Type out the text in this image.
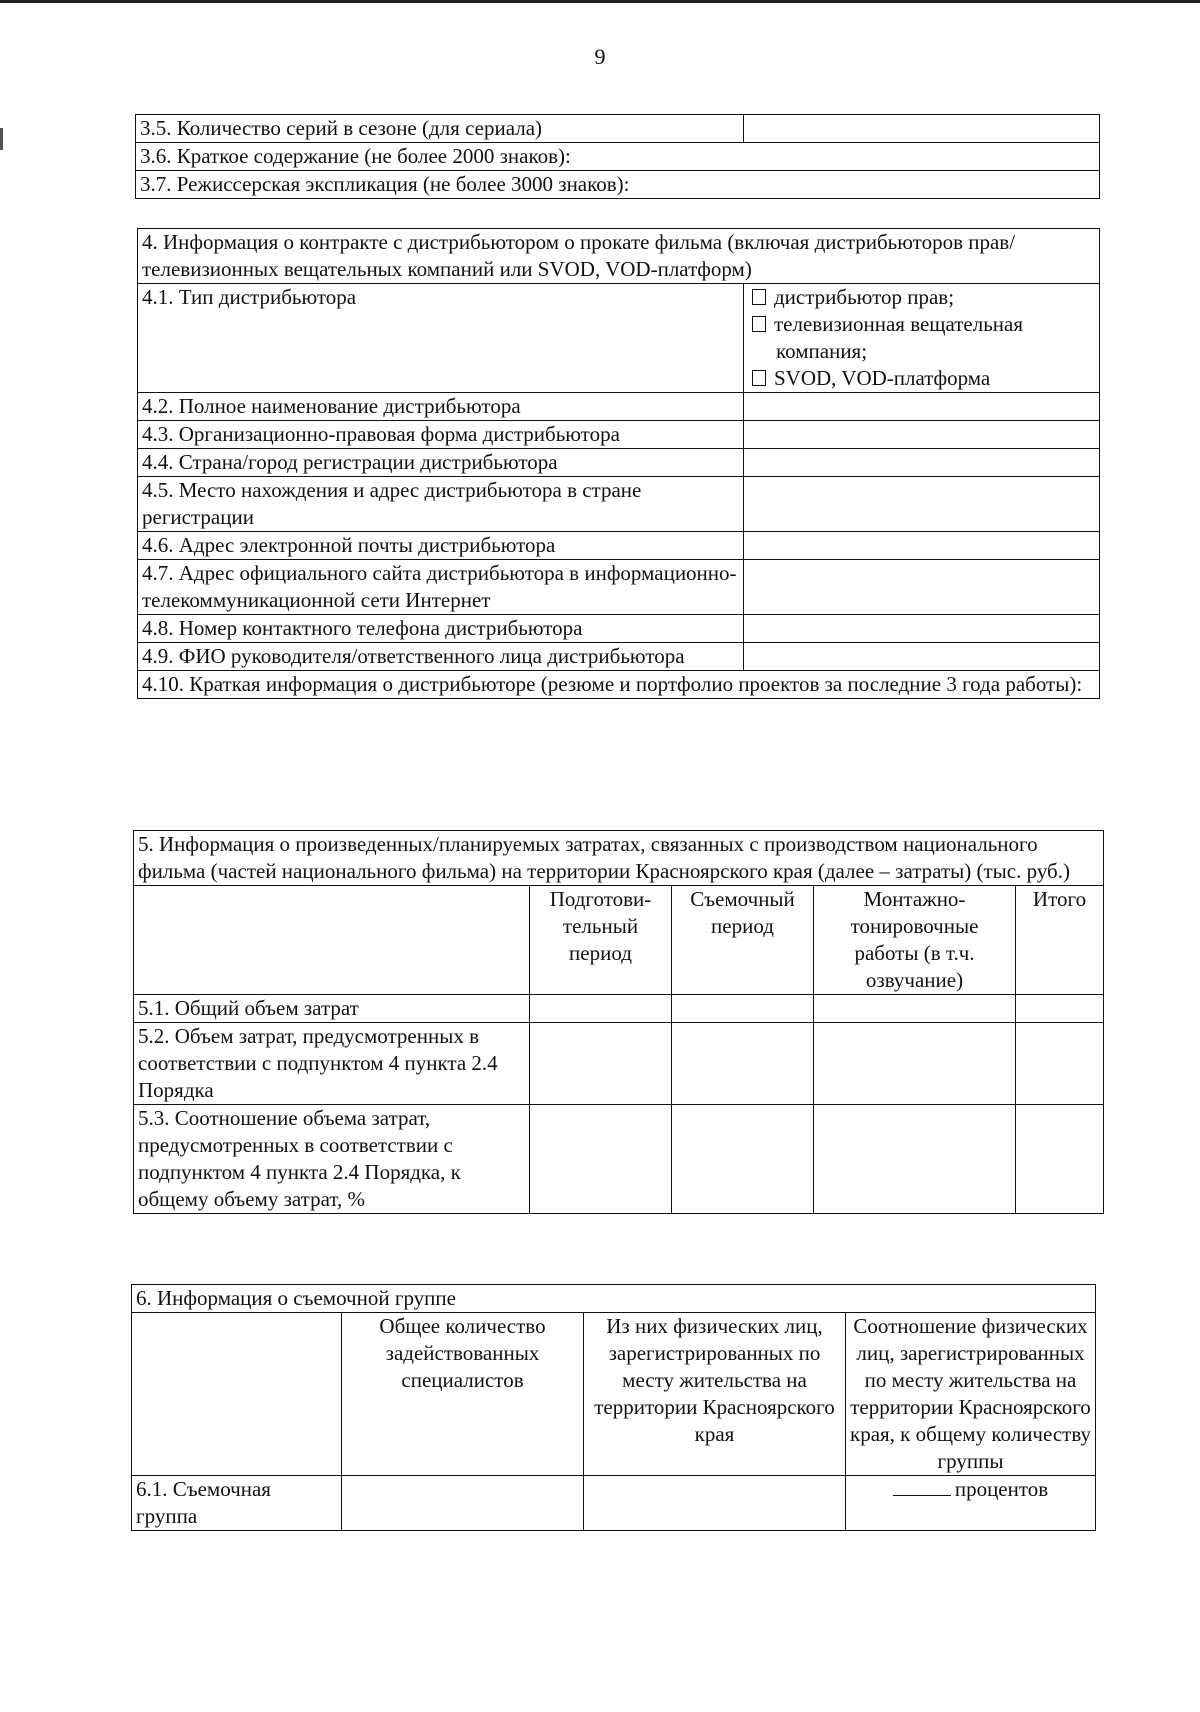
9
3.5. Количество серий в сезоне (для сериала)	
3.6. Краткое содержание (не более 2000 знаков):
3.7. Режиссерская экспликация (не более 3000 знаков):
4. Информация о контракте с дистрибьютором о прокате фильма (включая дистрибьюторов прав/телевизионных вещательных компаний или SVOD, VOD-платформ)	
4.1. Тип дистрибьютора	дистрибьютор прав;
телевизионная вещательная
компания;
SVOD, VOD-платформа

4.2. Полное наименование дистрибьютора	
4.3. Организационно-правовая форма дистрибьютора	
4.4. Страна/город регистрации дистрибьютора	
4.5. Место нахождения и адрес дистрибьютора в стране регистрации	
4.6. Адрес электронной почты дистрибьютора	
4.7. Адрес официального сайта дистрибьютора в информационно-телекоммуникационной сети Интернет	
4.8. Номер контактного телефона дистрибьютора	
4.9. ФИО руководителя/ответственного лица дистрибьютора	
4.10. Краткая информация о дистрибьюторе (резюме и портфолио проектов за последние 3 года работы):	
5. Информация о произведенных/планируемых затратах, связанных с производством национального фильма (частей национального фильма) на территории Красноярского края (далее – затраты) (тыс. руб.)				
	Подготови-тельный период	Съемочный период	Монтажно-тонировочные работы (в т.ч. озвучание)	Итого
5.1. Общий объем затрат				
5.2. Объем затрат, предусмотренных в соответствии с подпунктом 4 пункта 2.4 Порядка				
5.3. Соотношение объема затрат, предусмотренных в соответствии с подпунктом 4 пункта 2.4 Порядка, к общему объему затрат, %				
6. Информация о съемочной группе			
	Общее количество задействованных специалистов	Из них физических лиц, зарегистрированных по месту жительства на территории Красноярского края	Соотношение физических лиц, зарегистрированных по месту жительства на территории Красноярского края, к общему количеству группы
6.1. Съемочная группа			процентов
